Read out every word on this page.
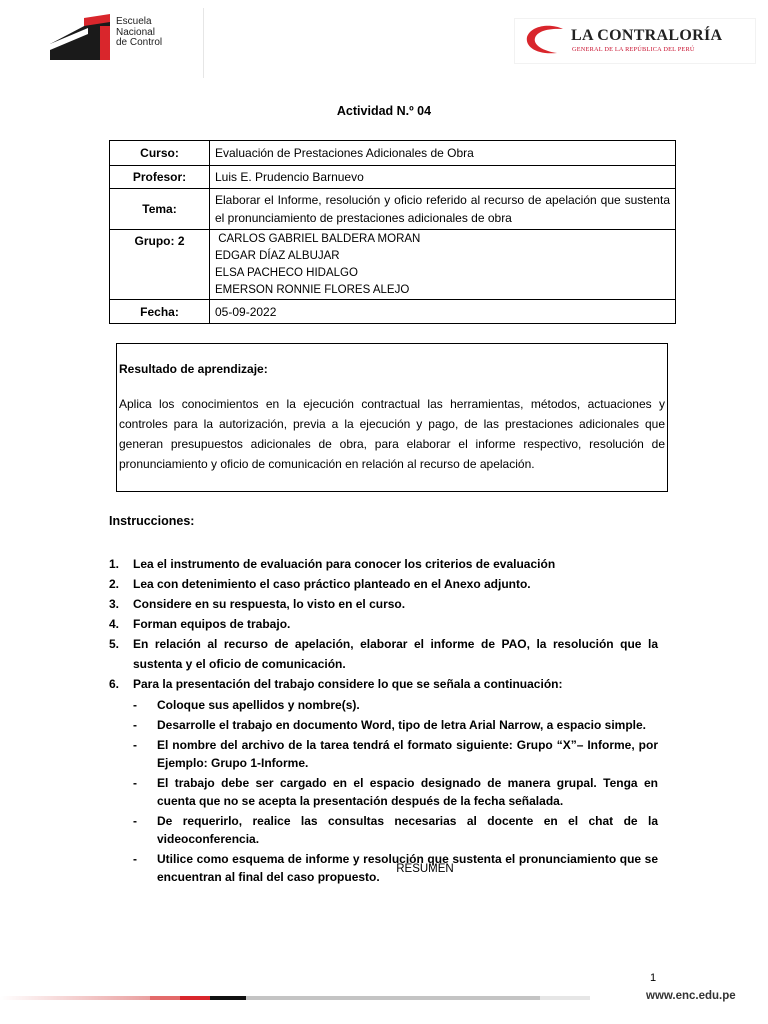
Escuela
Nacional
de Control	LA CONTRALORÍA
GENERAL DE LA REPÚBLICA DEL PERÚ
Actividad N.º 04
Curso:	Evaluación de Prestaciones Adicionales de Obra
Profesor:	Luis E. Prudencio Barnuevo
Tema:	Elaborar el Informe, resolución y oficio referido al recurso de apelación que sustenta el pronunciamiento de prestaciones adicionales de obra
Grupo: 2	CARLOS GABRIEL BALDERA MORAN
EDGAR DÍAZ ALBUJAR
ELSA PACHECO HIDALGO
EMERSON RONNIE FLORES ALEJO

Fecha:	05-09-2022
Resultado de aprendizaje:
Aplica los conocimientos en la ejecución contractual las herramientas, métodos, actuaciones y controles para la autorización, previa a la ejecución y pago, de las prestaciones adicionales que generan presupuestos adicionales de obra, para elaborar el informe respectivo, resolución de pronunciamiento y oficio de comunicación en relación al recurso de apelación.
Instrucciones:
1. Lea el instrumento de evaluación para conocer los criterios de evaluación
2. Lea con detenimiento el caso práctico planteado en el Anexo adjunto.
3. Considere en su respuesta, lo visto en el curso.
4. Forman equipos de trabajo.
5. En relación al recurso de apelación, elaborar el informe de PAO, la resolución que la sustenta y el oficio de comunicación.
6. Para la presentación del trabajo considere lo que se señala a continuación:
- Coloque sus apellidos y nombre(s).
- Desarrolle el trabajo en documento Word, tipo de letra Arial Narrow, a espacio simple.
- El nombre del archivo de la tarea tendrá el formato siguiente: Grupo “X”– Informe, por Ejemplo: Grupo 1-Informe.
- El trabajo debe ser cargado en el espacio designado de manera grupal. Tenga en cuenta que no se acepta la presentación después de la fecha señalada.
- De requerirlo, realice las consultas necesarias al docente en el chat de la videoconferencia.
- Utilice como esquema de informe y resolución que sustenta el pronunciamiento que se encuentran al final del caso propuesto.
RESUMEN
1
www.enc.edu.pe
